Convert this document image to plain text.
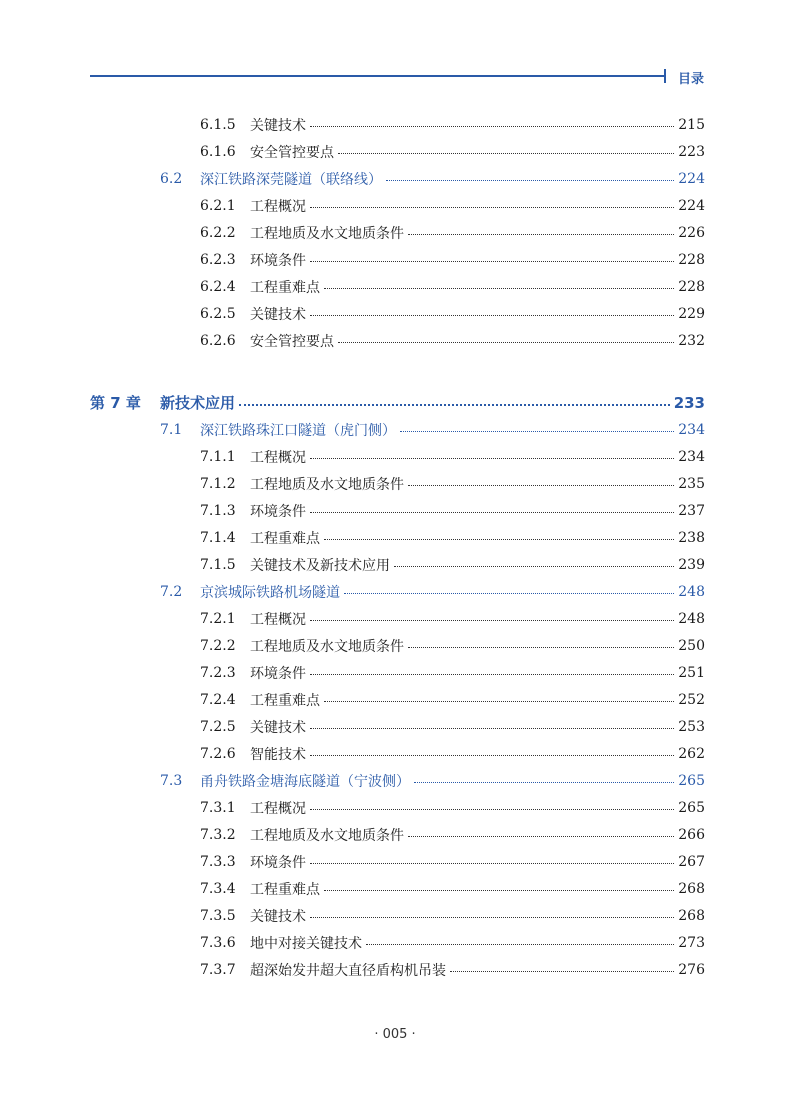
目录
6.1.5	关键技术	215
6.1.6	安全管控要点	223
6.2	深江铁路深莞隧道（联络线）	224
6.2.1	工程概况	224
6.2.2	工程地质及水文地质条件	226
6.2.3	环境条件	228
6.2.4	工程重难点	228
6.2.5	关键技术	229
6.2.6	安全管控要点	232
第 7 章	新技术应用	233
7.1	深江铁路珠江口隧道（虎门侧）	234
7.1.1	工程概况	234
7.1.2	工程地质及水文地质条件	235
7.1.3	环境条件	237
7.1.4	工程重难点	238
7.1.5	关键技术及新技术应用	239
7.2	京滨城际铁路机场隧道	248
7.2.1	工程概况	248
7.2.2	工程地质及水文地质条件	250
7.2.3	环境条件	251
7.2.4	工程重难点	252
7.2.5	关键技术	253
7.2.6	智能技术	262
7.3	甬舟铁路金塘海底隧道（宁波侧）	265
7.3.1	工程概况	265
7.3.2	工程地质及水文地质条件	266
7.3.3	环境条件	267
7.3.4	工程重难点	268
7.3.5	关键技术	268
7.3.6	地中对接关键技术	273
7.3.7	超深始发井超大直径盾构机吊装	276
· 005 ·
